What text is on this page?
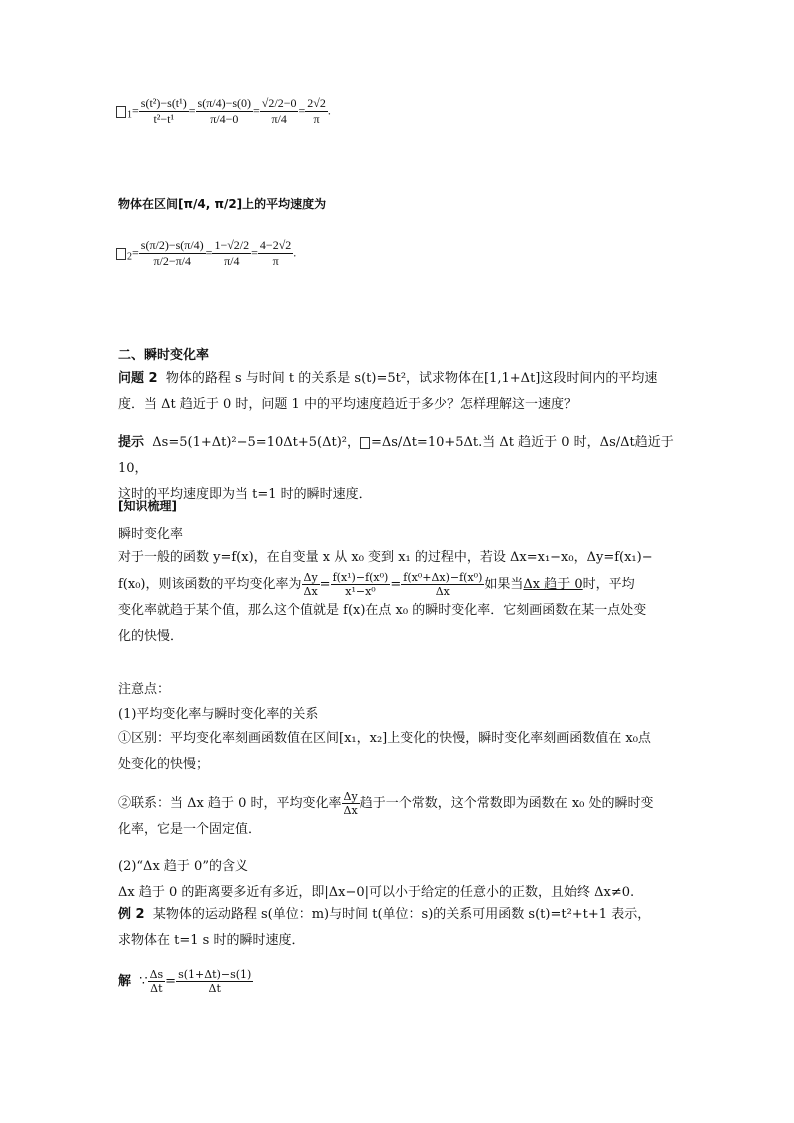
$_1= \frac{\text{s(t²)−s(t¹)}}{\text{t²−t¹}} = \frac{s(\pi/4)-s(0)}{\pi/4-0} = \frac{√2/2-0}{\pi/4} = \frac{2√2}{\pi}$ .
物体在区间[π/4, π/2]上的平均速度为
$_2= \frac{s(\pi/2)-s(\pi/4)}{\pi/2-\pi/4} = \frac{1-√2/2}{\pi/4} = \frac{4-2√2}{\pi}$ .
二、瞬时变化率
问题 2 物体的路程 s 与时间 t 的关系是 s(t)=5t²，试求物体在[1,1+Δt]这段时间内的平均速度．当 Δt 趋近于 0 时，问题 1 中的平均速度趋近于多少？怎样理解这一速度？
提示 Δs=5(1+Δt)²−5=10Δt+5(Δt)²， =Δs/Δt=10+5Δt.当 Δt 趋近于 0 时，Δs/Δt趋近于 10，
这时的平均速度即为当 t=1 时的瞬时速度．
[知识梳理]
瞬时变化率
对于一般的函数 y=f(x)，在自变量 x 从 x₀ 变到 x₁ 的过程中，若设 Δx=x₁−x₀，Δy=f(x₁)−
f(x₀)，则该函数的平均变化率为 $\frac{\Delta y}{\Delta x} = \frac{\text{f(x¹)−f(x⁰)}}{\text{x¹−x⁰}} = \frac{\text{f(x⁰+Δx)−f(x⁰)}}{\Delta x}$ 如果当Δx 趋于 0时，平均
变化率就趋于某个值，那么这个值就是 f(x)在点 x₀ 的瞬时变化率．它刻画函数在某一点处变
化的快慢．
注意点：
(1)平均变化率与瞬时变化率的关系
①区别：平均变化率刻画函数值在区间[x₁，x₂]上变化的快慢，瞬时变化率刻画函数值在 x₀点
处变化的快慢；
②联系：当 Δx 趋于 0 时，平均变化率 $\frac{\Delta y}{\Delta x}$ 趋于一个常数，这个常数即为函数在 x₀ 处的瞬时变
化率，它是一个固定值．
(2)“Δx 趋于 0”的含义
Δx 趋于 0 的距离要多近有多近，即|Δx−0|可以小于给定的任意小的正数，且始终 Δx≠0.
例 2 某物体的运动路程 s(单位：m)与时间 t(单位：s)的关系可用函数 s(t)=t²+t+1 表示，
求物体在 t=1 s 时的瞬时速度．
解 ∵ $\frac{\Delta s}{\Delta t} = \frac{s(1+\Delta t)-s(1)}{\Delta t}$
